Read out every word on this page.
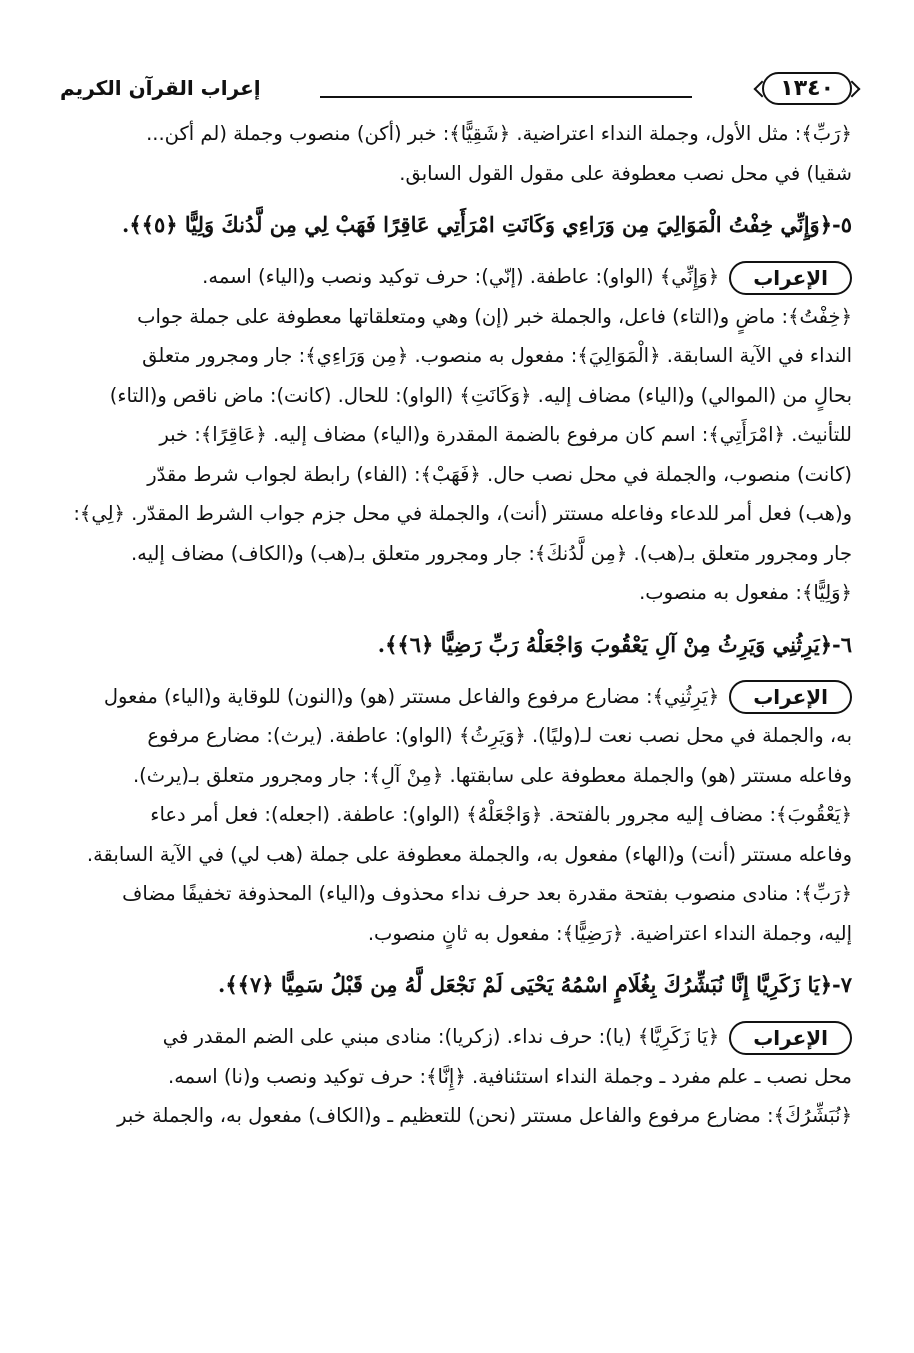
١٣٤٠
إعراب القرآن الكريم

﴿رَبِّ﴾: مثل الأول، وجملة النداء اعتراضية. ﴿شَقِيًّا﴾: خبر (أكن) منصوب وجملة (لم أكن...

شقيا) في محل نصب معطوفة على مقول القول السابق.

٥-﴿وَإِنِّي خِفْتُ الْمَوَالِيَ مِن وَرَاءِي وَكَانَتِ امْرَأَتِي عَاقِرًا فَهَبْ لِي مِن لَّدُنكَ وَلِيًّا ﴿٥﴾﴾.

الإعراب﴿وَإِنِّي﴾ (الواو): عاطفة. (إنّي): حرف توكيد ونصب و(الياء) اسمه.

﴿خِفْتُ﴾: ماضٍ و(التاء) فاعل، والجملة خبر (إن) وهي ومتعلقاتها معطوفة على جملة جواب

النداء في الآية السابقة. ﴿الْمَوَالِيَ﴾: مفعول به منصوب. ﴿مِن وَرَاءِي﴾: جار ومجرور متعلق

بحالٍ من (الموالي) و(الياء) مضاف إليه. ﴿وَكَانَتِ﴾ (الواو): للحال. (كانت): ماض ناقص و(التاء)

للتأنيث. ﴿امْرَأَتِي﴾: اسم كان مرفوع بالضمة المقدرة و(الياء) مضاف إليه. ﴿عَاقِرًا﴾: خبر

(كانت) منصوب، والجملة في محل نصب حال. ﴿فَهَبْ﴾: (الفاء) رابطة لجواب شرط مقدّر

و(هب) فعل أمر للدعاء وفاعله مستتر (أنت)، والجملة في محل جزم جواب الشرط المقدّر. ﴿لِي﴾:

جار ومجرور متعلق بـ(هب). ﴿مِن لَّدُنكَ﴾: جار ومجرور متعلق بـ(هب) و(الكاف) مضاف إليه.

﴿وَلِيًّا﴾: مفعول به منصوب.

٦-﴿يَرِثُنِي وَيَرِثُ مِنْ آلِ يَعْقُوبَ وَاجْعَلْهُ رَبِّ رَضِيًّا ﴿٦﴾﴾.

الإعراب﴿يَرِثُنِي﴾: مضارع مرفوع والفاعل مستتر (هو) و(النون) للوقاية و(الياء) مفعول

به، والجملة في محل نصب نعت لـ(وليًا). ﴿وَيَرِثُ﴾ (الواو): عاطفة. (يرث): مضارع مرفوع

وفاعله مستتر (هو) والجملة معطوفة على سابقتها. ﴿مِنْ آلِ﴾: جار ومجرور متعلق بـ(يرث).

﴿يَعْقُوبَ﴾: مضاف إليه مجرور بالفتحة. ﴿وَاجْعَلْهُ﴾ (الواو): عاطفة. (اجعله): فعل أمر دعاء

وفاعله مستتر (أنت) و(الهاء) مفعول به، والجملة معطوفة على جملة (هب لي) في الآية السابقة.

﴿رَبِّ﴾: منادى منصوب بفتحة مقدرة بعد حرف نداء محذوف و(الياء) المحذوفة تخفيفًا مضاف

إليه، وجملة النداء اعتراضية. ﴿رَضِيًّا﴾: مفعول به ثانٍ منصوب.

٧-﴿يَا زَكَرِيَّا إِنَّا نُبَشِّرُكَ بِغُلَامٍ اسْمُهُ يَحْيَى لَمْ نَجْعَل لَّهُ مِن قَبْلُ سَمِيًّا ﴿٧﴾﴾.

الإعراب﴿يَا زَكَرِيَّا﴾ (يا): حرف نداء. (زكريا): منادى مبني على الضم المقدر في

محل نصب ـ علم مفرد ـ وجملة النداء استئنافية. ﴿إِنَّا﴾: حرف توكيد ونصب و(نا) اسمه.

﴿نُبَشِّرُكَ﴾: مضارع مرفوع والفاعل مستتر (نحن) للتعظيم ـ و(الكاف) مفعول به، والجملة خبر
